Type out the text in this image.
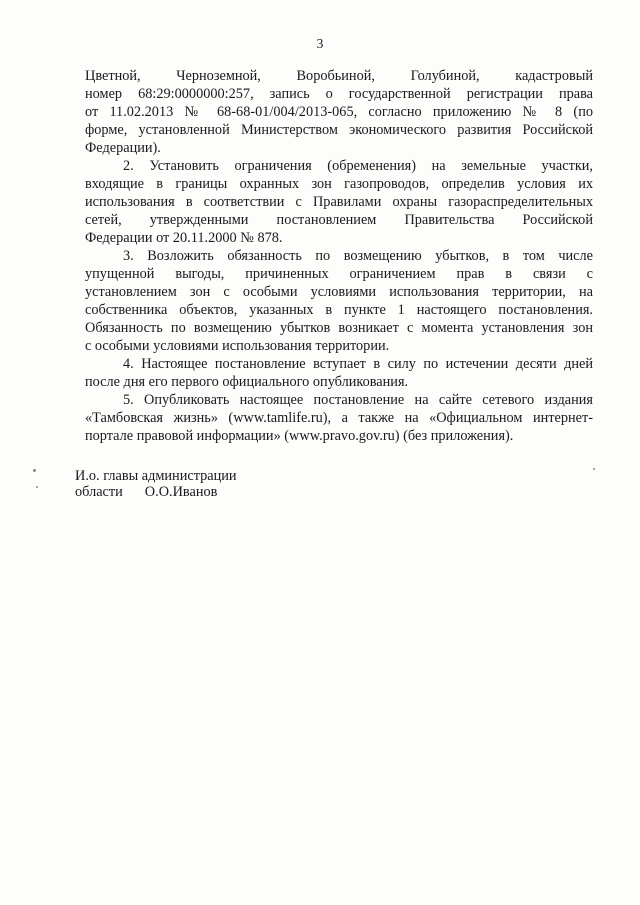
3
Цветной, Черноземной, Воробьиной, Голубиной, кадастровый
номер 68:29:0000000:257, запись о государственной регистрации права
от 11.02.2013 № 68-68-01/004/2013-065, согласно приложению № 8 (по
форме, установленной Министерством экономического развития Российской
Федерации).
2. Установить ограничения (обременения) на земельные участки,
входящие в границы охранных зон газопроводов, определив условия их
использования в соответствии с Правилами охраны газораспределительных
сетей, утвержденными постановлением Правительства Российской
Федерации от 20.11.2000 № 878.
3. Возложить обязанность по возмещению убытков, в том числе
упущенной выгоды, причиненных ограничением прав в связи с
установлением зон с особыми условиями использования территории, на
собственника объектов, указанных в пункте 1 настоящего постановления.
Обязанность по возмещению убытков возникает с момента установления зон
с особыми условиями использования территории.
4. Настоящее постановление вступает в силу по истечении десяти дней
после дня его первого официального опубликования.
5. Опубликовать настоящее постановление на сайте сетевого издания
«Тамбовская жизнь» (www.tamlife.ru), а также на «Официальном интернет-
портале правовой информации» (www.pravo.gov.ru) (без приложения).
И.о. главы администрации
области О.О.Иванов
